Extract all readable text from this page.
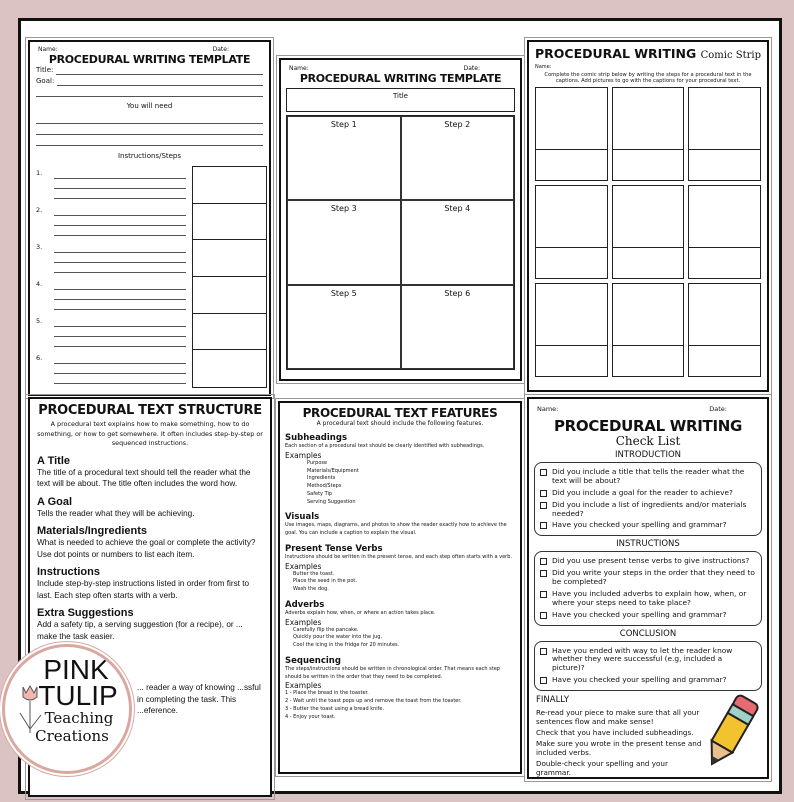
Name:	Date:
PROCEDURAL WRITING TEMPLATE
Title:
Goal:
You will need
Instructions/Steps
1.
2.
3.
4.
5.
6.
Name:	Date:
PROCEDURAL WRITING TEMPLATE
Title
Step 1	Step 2
Step 3	Step 4
Step 5	Step 6
PROCEDURAL WRITING Comic Strip
Name:
Complete the comic strip below by writing the steps for a procedural text in the captions. Add pictures to go with the captions for your procedural text.
PROCEDURAL TEXT STRUCTURE
A procedural text explains how to make something, how to do something, or how to get somewhere. It often includes step-by-step or sequenced instructions.
A Title
The title of a procedural text should tell the reader what the text will be about. The title often includes the word how.
A Goal
Tells the reader what they will be achieving.
Materials/Ingredients
What is needed to achieve the goal or complete the activity? Use dot points or numbers to list each item.
Instructions
Include step-by-step instructions listed in order from first to last. Each step often starts with a verb.
Extra Suggestions
Add a safety tip, a serving suggestion (for a recipe), or ... make the task easier.
... reader a way of knowing ...ssful in completing the task. This ...eference.
PROCEDURAL TEXT FEATURES
A procedural text should include the following features.
Subheadings
Each section of a procedural text should be clearly identified with subheadings.
Examples
Purpose
Materials/Equipment
Ingredients
Method/Steps
Safety Tip
Serving Suggestion
Visuals
Use images, maps, diagrams, and photos to show the reader exactly how to achieve the goal. You can include a caption to explain the visual.
Present Tense Verbs
Instructions should be written in the present tense, and each step often starts with a verb.
Examples
Butter the toast.
Place the seed in the pot.
Wash the dog.
Adverbs
Adverbs explain how, when, or where an action takes place.
Examples
Carefully flip the pancake.
Quickly pour the water into the jug.
Cool the icing in the fridge for 20 minutes.
Sequencing
The steps/instructions should be written in chronological order. That means each step should be written in the order that they need to be completed.
Examples
1 - Place the bread in the toaster.
2 - Wait until the toast pops up and remove the toast from the toaster.
3 - Butter the toast using a bread knife.
4 - Enjoy your toast.
Name:	Date:
PROCEDURAL WRITING
Check List
INTRODUCTION
Did you include a title that tells the reader what the text will be about?
Did you include a goal for the reader to achieve?
Did you include a list of ingredients and/or materials needed?
Have you checked your spelling and grammar?
INSTRUCTIONS
Did you use present tense verbs to give instructions?
Did you write your steps in the order that they need to be completed?
Have you included adverbs to explain how, when, or where your steps need to take place?
Have you checked your spelling and grammar?
CONCLUSION
Have you ended with way to let the reader know whether they were successful (e.g, included a picture)?
Have you checked your spelling and grammar?
FINALLY
Re-read your piece to make sure that all your sentences flow and make sense!
Check that you have included subheadings.
Make sure you wrote in the present tense and included verbs.
Double-check your spelling and your grammar.
PINK
TULIP
Teaching
Creations
